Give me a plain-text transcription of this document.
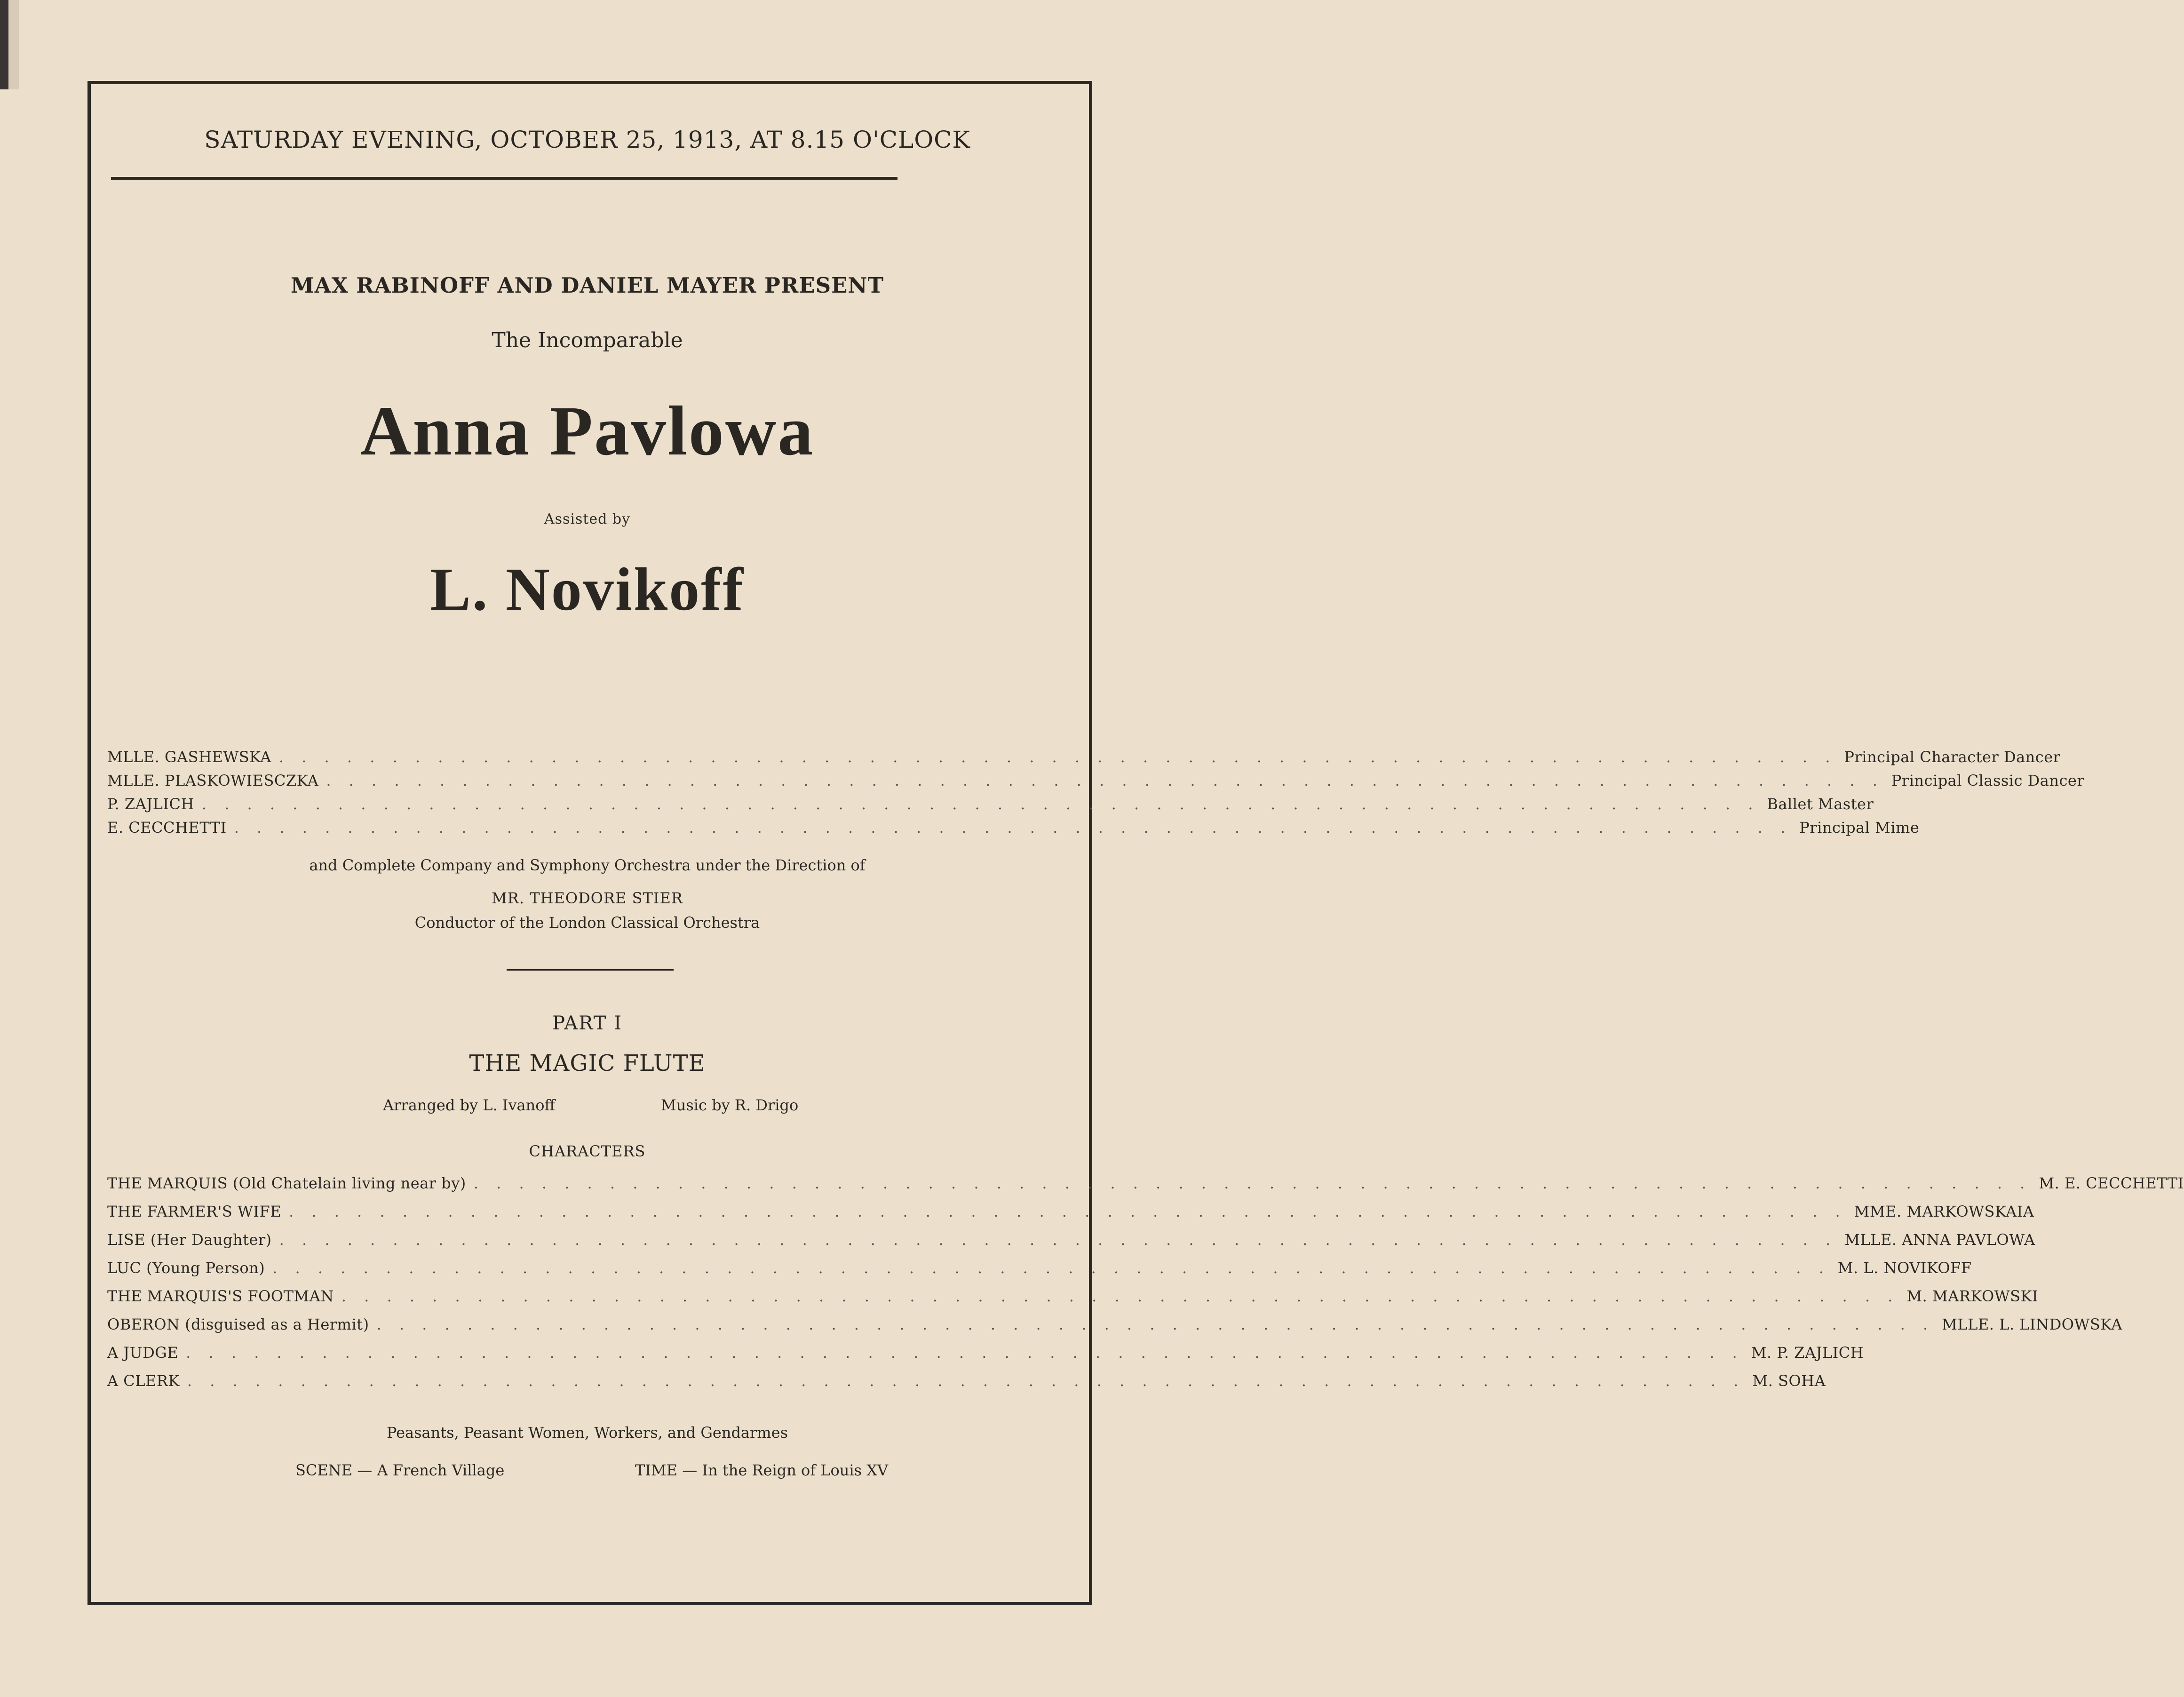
SATURDAY EVENING, OCTOBER 25, 1913, AT 8.15 O'CLOCK
MAX RABINOFF AND DANIEL MAYER PRESENT
The Incomparable
Anna Pavlowa
Assisted by
L. Novikoff
MLLE. GASHEWSKA . . . . . . . . . . . . . . . . . . . . . . . . . . . . . . . . . . . . . . . . . . . . . . . . . . . . . . . . . . . . . . . . . . . . . Principal Character Dancer
MLLE. PLASKOWIESCZKA . . . . . . . . . . . . . . . . . . . . . . . . . . . . . . . . . . . . . . . . . . . . . . . . . . . . . . . . . . . . . . . . . . . . . Principal Classic Dancer
P. ZAJLICH . . . . . . . . . . . . . . . . . . . . . . . . . . . . . . . . . . . . . . . . . . . . . . . . . . . . . . . . . . . . . . . . . . . . . Ballet Master
E. CECCHETTI . . . . . . . . . . . . . . . . . . . . . . . . . . . . . . . . . . . . . . . . . . . . . . . . . . . . . . . . . . . . . . . . . . . . . Principal Mime
and Complete Company and Symphony Orchestra under the Direction of
MR. THEODORE STIER
Conductor of the London Classical Orchestra
PART I
THE MAGIC FLUTE
Arranged by L. Ivanoff	Music by R. Drigo
CHARACTERS
THE MARQUIS (Old Chatelain living near by) . . . . . . . . . . . . . . . . . . . . . . . . . . . . . . . . . . . . . . . . . . . . . . . . . . . . . . . . . . . . . . . . . . . . . M. E. CECCHETTI
THE FARMER'S WIFE . . . . . . . . . . . . . . . . . . . . . . . . . . . . . . . . . . . . . . . . . . . . . . . . . . . . . . . . . . . . . . . . . . . . . MME. MARKOWSKAIA
LISE (Her Daughter) . . . . . . . . . . . . . . . . . . . . . . . . . . . . . . . . . . . . . . . . . . . . . . . . . . . . . . . . . . . . . . . . . . . . . MLLE. ANNA PAVLOWA
LUC (Young Person) . . . . . . . . . . . . . . . . . . . . . . . . . . . . . . . . . . . . . . . . . . . . . . . . . . . . . . . . . . . . . . . . . . . . . M. L. NOVIKOFF
THE MARQUIS'S FOOTMAN . . . . . . . . . . . . . . . . . . . . . . . . . . . . . . . . . . . . . . . . . . . . . . . . . . . . . . . . . . . . . . . . . . . . . M. MARKOWSKI
OBERON (disguised as a Hermit) . . . . . . . . . . . . . . . . . . . . . . . . . . . . . . . . . . . . . . . . . . . . . . . . . . . . . . . . . . . . . . . . . . . . . MLLE. L. LINDOWSKA
A JUDGE . . . . . . . . . . . . . . . . . . . . . . . . . . . . . . . . . . . . . . . . . . . . . . . . . . . . . . . . . . . . . . . . . . . . . M. P. ZAJLICH
A CLERK . . . . . . . . . . . . . . . . . . . . . . . . . . . . . . . . . . . . . . . . . . . . . . . . . . . . . . . . . . . . . . . . . . . . . M. SOHA
Peasants, Peasant Women, Workers, and Gendarmes
SCENE — A French Village	TIME — In the Reign of Louis XV
